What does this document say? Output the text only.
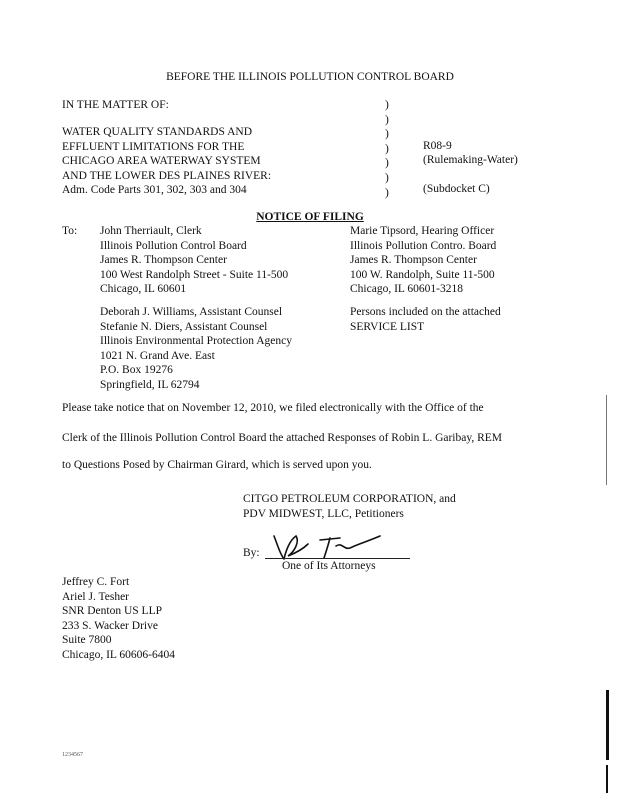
BEFORE THE ILLINOIS POLLUTION CONTROL BOARD
IN THE MATTER OF:
WATER QUALITY STANDARDS AND
EFFLUENT LIMITATIONS FOR THE
CHICAGO AREA WATERWAY SYSTEM
AND THE LOWER DES PLAINES RIVER:
Adm. Code Parts 301, 302, 303 and 304
)
)
)
)
)
)
)
R08-9
(Rulemaking-Water)
(Subdocket C)
NOTICE OF FILING
To: John Therriault, Clerk
Illinois Pollution Control Board
James R. Thompson Center
100 West Randolph Street - Suite 11-500
Chicago, IL 60601
Marie Tipsord, Hearing Officer
Illinois Pollution Contro. Board
James R. Thompson Center
100 W. Randolph, Suite 11-500
Chicago, IL 60601-3218
Deborah J. Williams, Assistant Counsel
Stefanie N. Diers, Assistant Counsel
Illinois Environmental Protection Agency
1021 N. Grand Ave. East
P.O. Box 19276
Springfield, IL 62794
Persons included on the attached
SERVICE LIST
Please take notice that on November 12, 2010, we filed electronically with the Office of the
Clerk of the Illinois Pollution Control Board the attached Responses of Robin L. Garibay, REM
to Questions Posed by Chairman Girard, which is served upon you.
CITGO PETROLEUM CORPORATION, and
PDV MIDWEST, LLC, Petitioners
By:
One of Its Attorneys
Jeffrey C. Fort
Ariel J. Tesher
SNR Denton US LLP
233 S. Wacker Drive
Suite 7800
Chicago, IL 60606-6404
1234567
